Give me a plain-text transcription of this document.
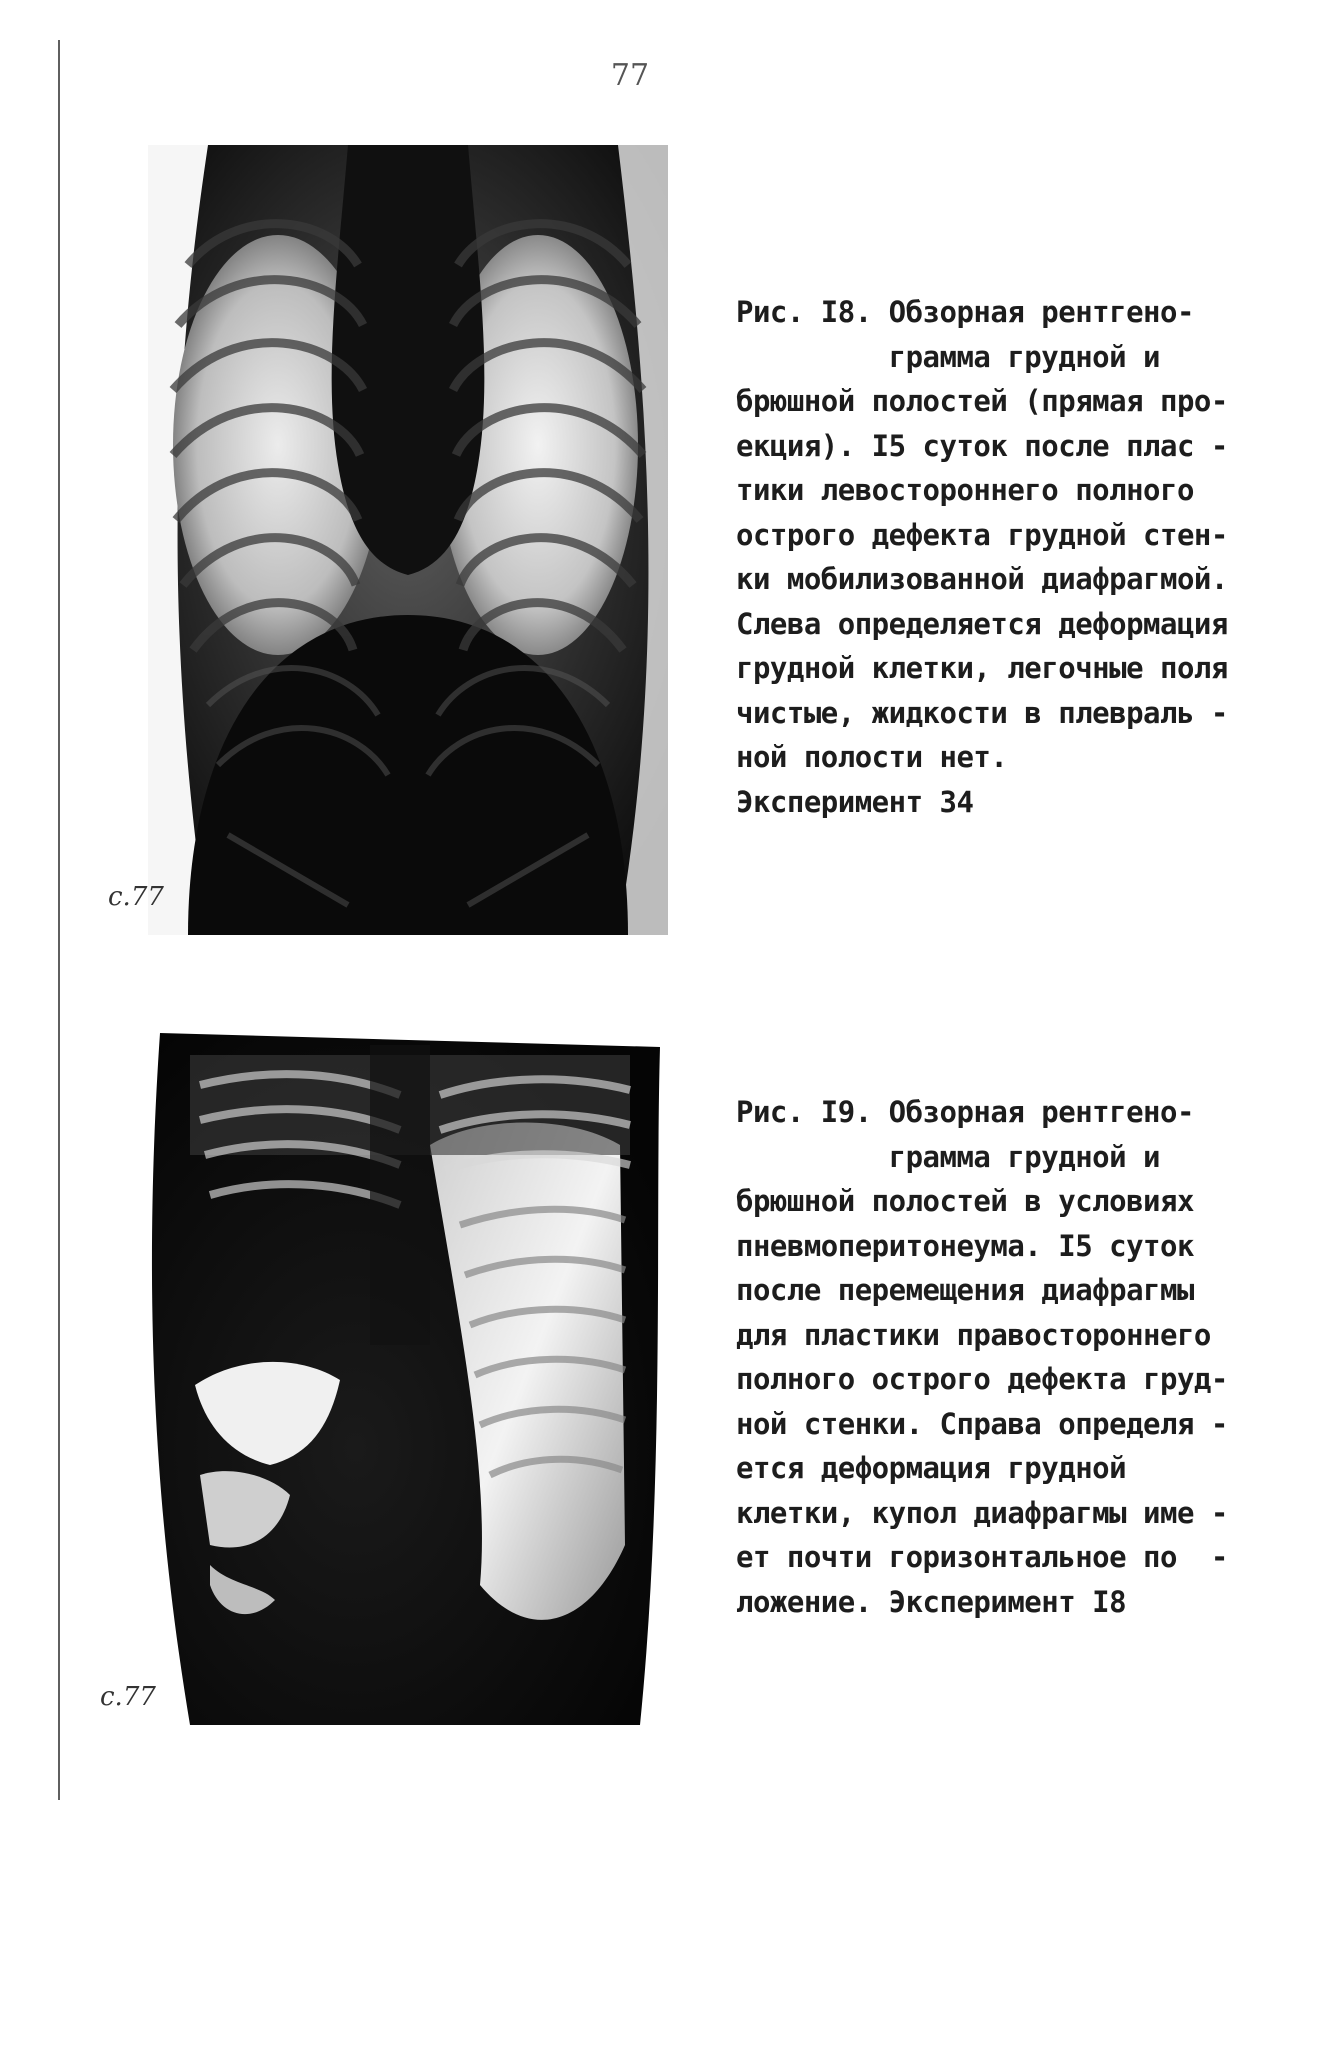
77
c.77
Рис. I8. Обзорная рентгено-
грамма грудной и
брюшной полостей (прямая про-
екция). I5 суток после плас -
тики левостороннего полного
острого дефекта грудной стен-
ки мобилизованной диафрагмой.
Слева определяется деформация
грудной клетки, легочные поля
чистые, жидкости в плевраль -
ной полости нет.
Эксперимент 34
c.77
Рис. I9. Обзорная рентгено-
грамма грудной и
брюшной полостей в условиях
пневмоперитонеума. I5 суток
после перемещения диафрагмы
для пластики правостороннего
полного острого дефекта груд-
ной стенки. Справа определя -
ется деформация грудной
клетки, купол диафрагмы име -
ет почти горизонтальное по  -
ложение. Эксперимент I8
